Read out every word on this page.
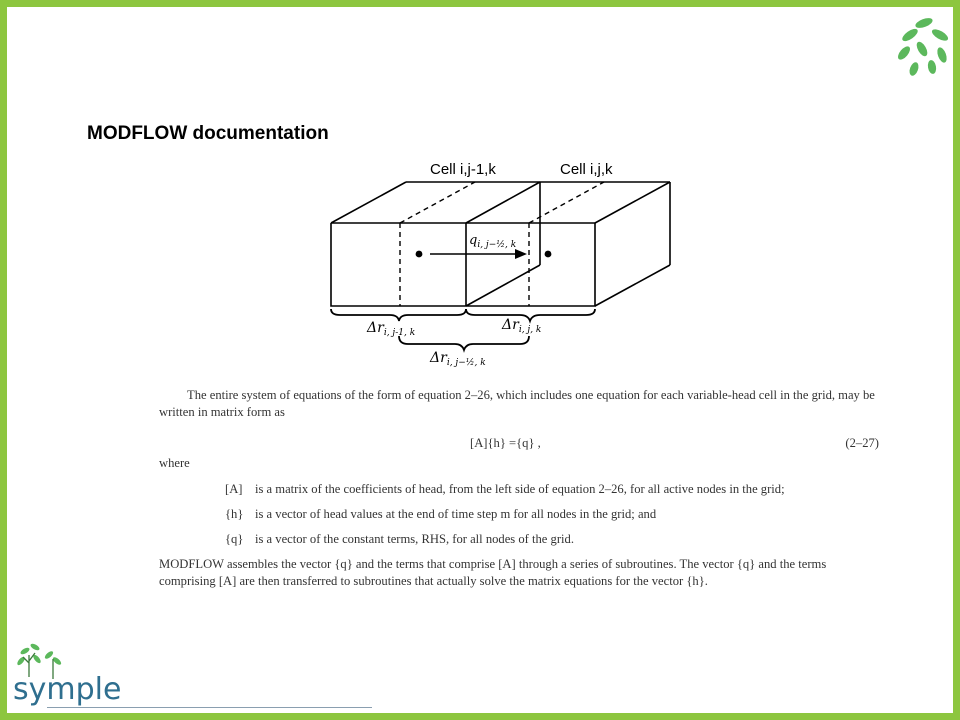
MODFLOW documentation
Cell i,j-1,k	Cell i,j,k
$q_{i, j-\frac{1}{2}, k}$
$\Delta r_{i, j-1, k}$	$\Delta r_{i, j, k}$
$\Delta r_{i, j-\frac{1}{2}, k}$

The entire system of equations of the form of equation 2–26, which includes one equation for each variable-head cell in the grid, may be written in matrix form as

[A]{h} ={q} ,	(2–27)

where

[A] is a matrix of the coefficients of head, from the left side of equation 2–26, for all active nodes in the grid;
{h} is a vector of head values at the end of time step m for all nodes in the grid; and
{q} is a vector of the constant terms, RHS, for all nodes of the grid.

MODFLOW assembles the vector {q} and the terms that comprise [A] through a series of subroutines. The vector {q} and the terms comprising [A] are then transferred to subroutines that actually solve the matrix equations for the vector {h}.

symple
